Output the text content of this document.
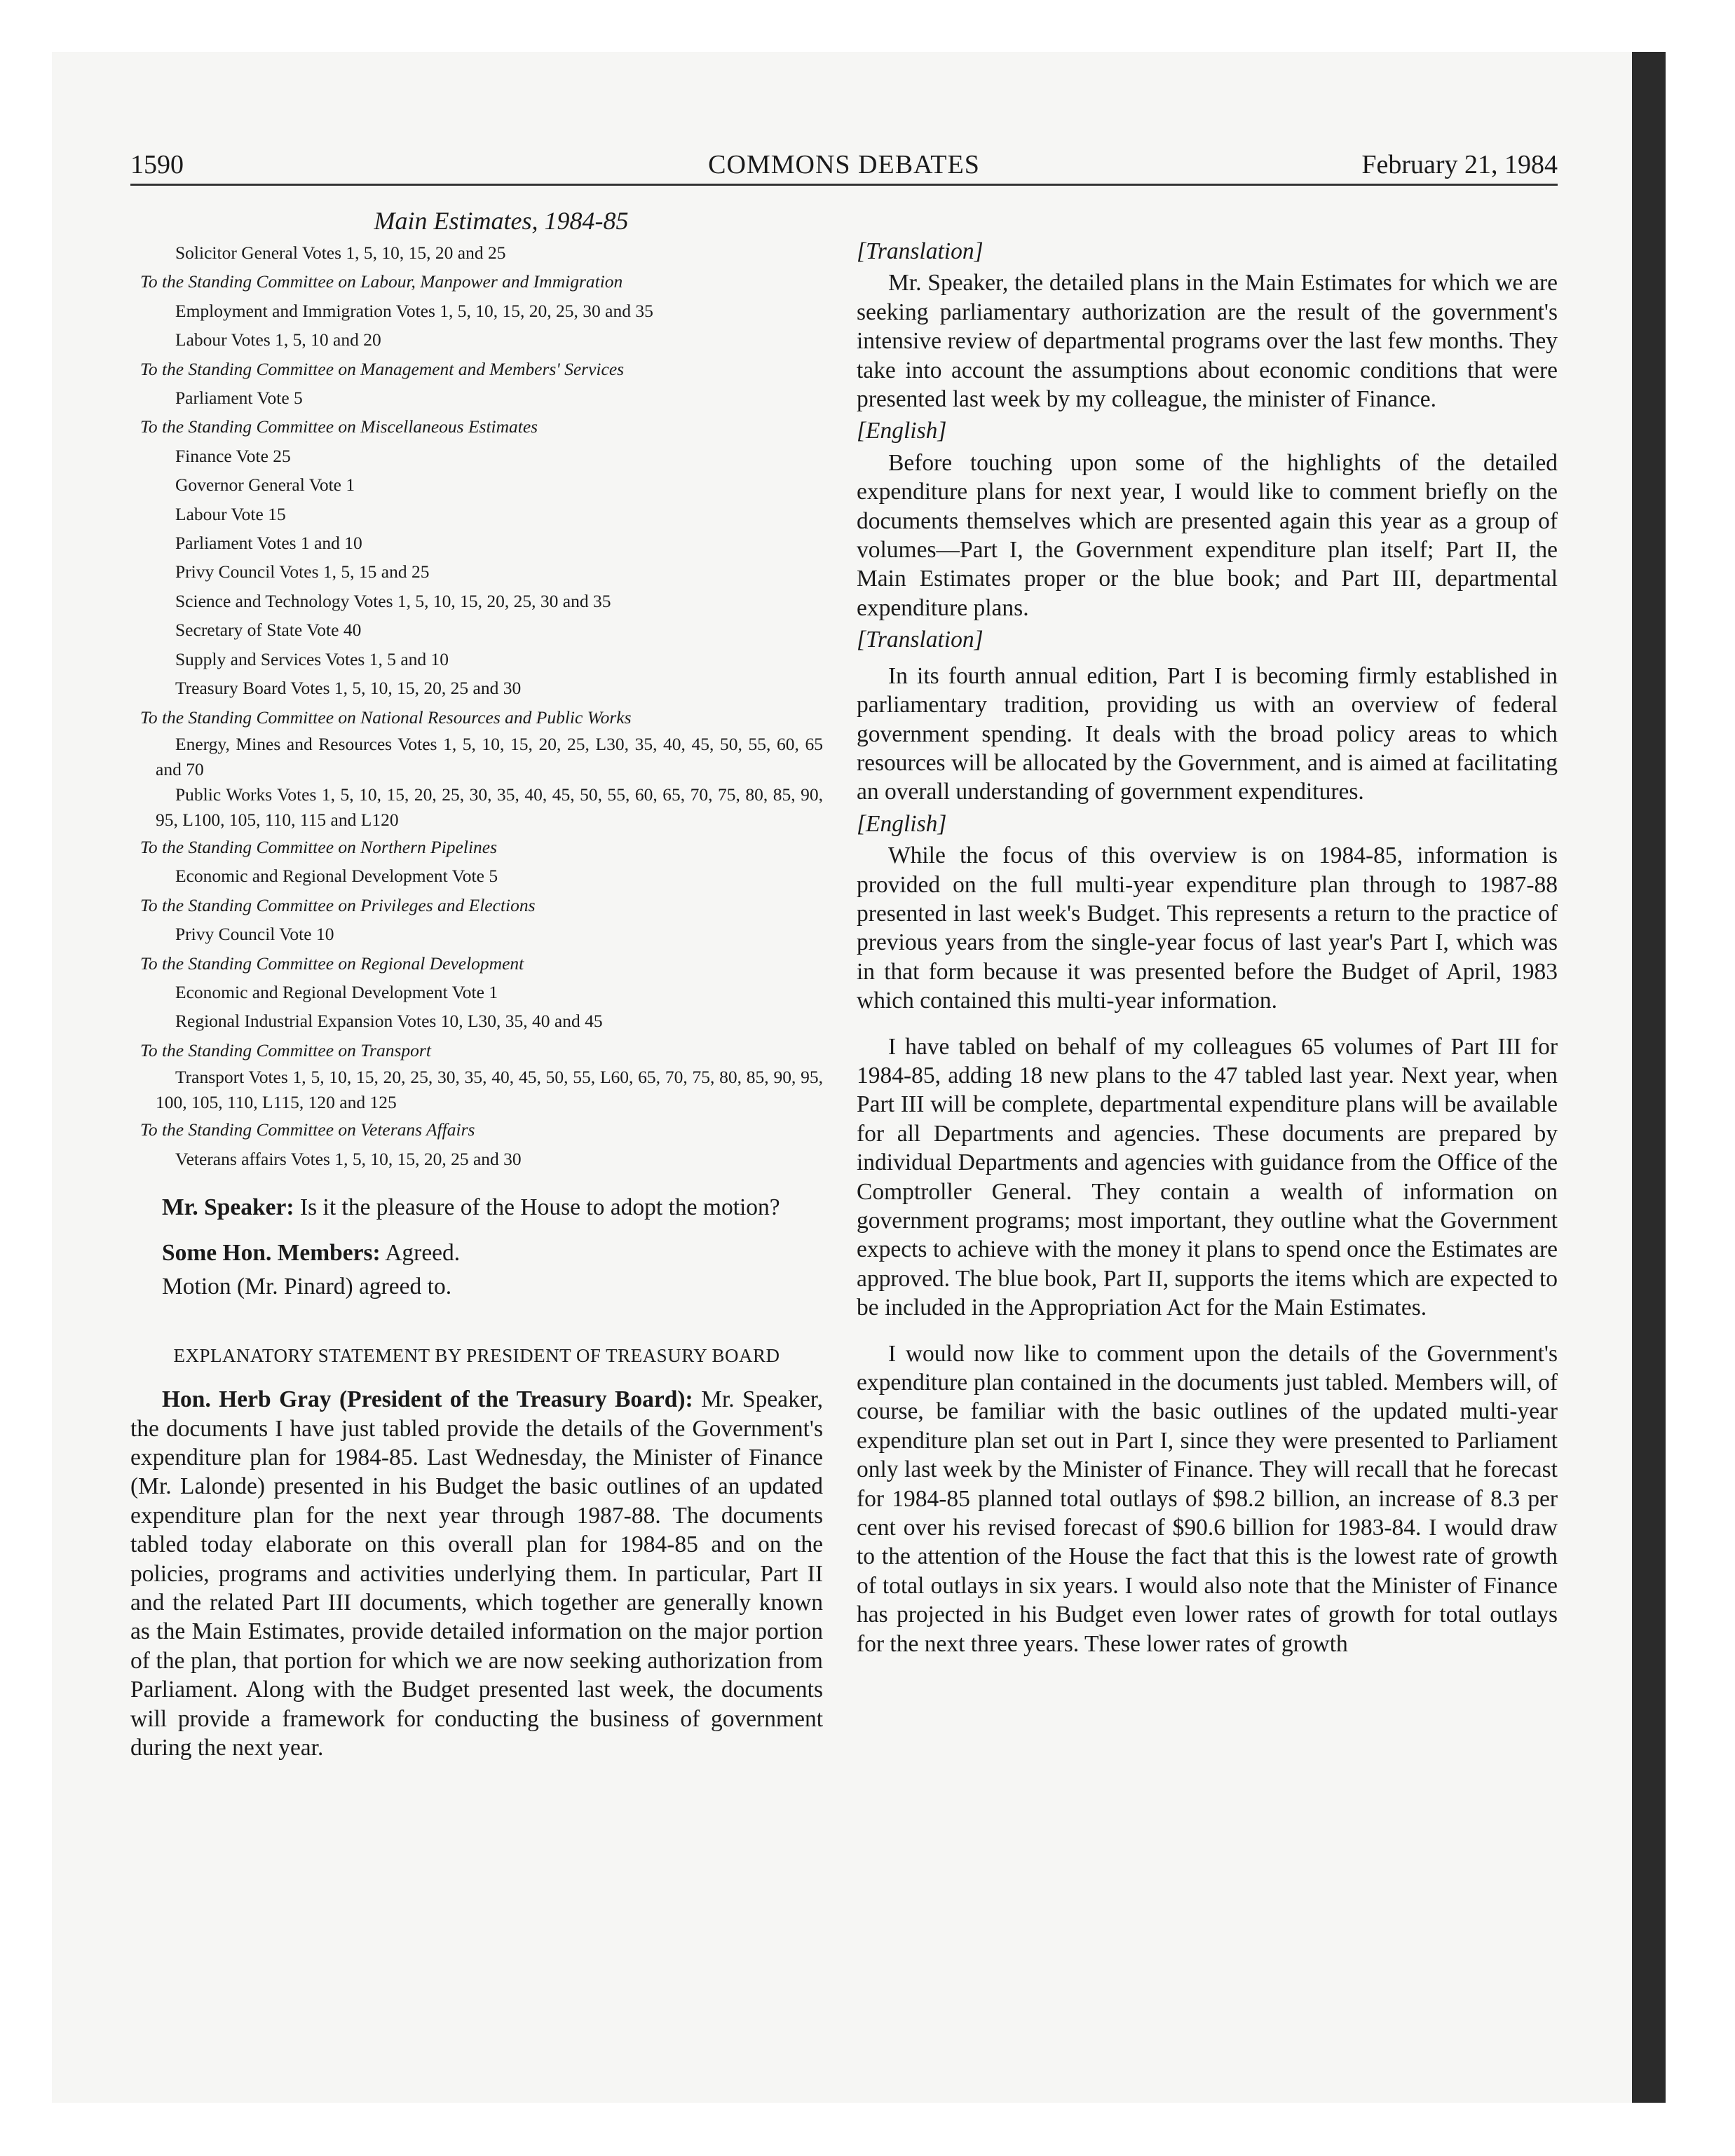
1590	COMMONS DEBATES	February 21, 1984
Main Estimates, 1984-85
Solicitor General Votes 1, 5, 10, 15, 20 and 25
To the Standing Committee on Labour, Manpower and Immigration
Employment and Immigration Votes 1, 5, 10, 15, 20, 25, 30 and 35
Labour Votes 1, 5, 10 and 20
To the Standing Committee on Management and Members' Services
Parliament Vote 5
To the Standing Committee on Miscellaneous Estimates
Finance Vote 25
Governor General Vote 1
Labour Vote 15
Parliament Votes 1 and 10
Privy Council Votes 1, 5, 15 and 25
Science and Technology Votes 1, 5, 10, 15, 20, 25, 30 and 35
Secretary of State Vote 40
Supply and Services Votes 1, 5 and 10
Treasury Board Votes 1, 5, 10, 15, 20, 25 and 30
To the Standing Committee on National Resources and Public Works
Energy, Mines and Resources Votes 1, 5, 10, 15, 20, 25, L30, 35, 40, 45, 50, 55, 60, 65 and 70
Public Works Votes 1, 5, 10, 15, 20, 25, 30, 35, 40, 45, 50, 55, 60, 65, 70, 75, 80, 85, 90, 95, L100, 105, 110, 115 and L120
To the Standing Committee on Northern Pipelines
Economic and Regional Development Vote 5
To the Standing Committee on Privileges and Elections
Privy Council Vote 10
To the Standing Committee on Regional Development
Economic and Regional Development Vote 1
Regional Industrial Expansion Votes 10, L30, 35, 40 and 45
To the Standing Committee on Transport
Transport Votes 1, 5, 10, 15, 20, 25, 30, 35, 40, 45, 50, 55, L60, 65, 70, 75, 80, 85, 90, 95, 100, 105, 110, L115, 120 and 125
To the Standing Committee on Veterans Affairs
Veterans affairs Votes 1, 5, 10, 15, 20, 25 and 30

Mr. Speaker: Is it the pleasure of the House to adopt the motion?

Some Hon. Members: Agreed.

Motion (Mr. Pinard) agreed to.

EXPLANATORY STATEMENT BY PRESIDENT OF TREASURY BOARD

Hon. Herb Gray (President of the Treasury Board): Mr. Speaker, the documents I have just tabled provide the details of the Government's expenditure plan for 1984-85. Last Wednesday, the Minister of Finance (Mr. Lalonde) presented in his Budget the basic outlines of an updated expenditure plan for the next year through 1987-88. The documents tabled today elaborate on this overall plan for 1984-85 and on the policies, programs and activities underlying them. In particular, Part II and the related Part III documents, which together are generally known as the Main Estimates, provide detailed information on the major portion of the plan, that portion for which we are now seeking authorization from Parliament. Along with the Budget presented last week, the documents will provide a framework for conducting the business of government during the next year.

[Translation]

Mr. Speaker, the detailed plans in the Main Estimates for which we are seeking parliamentary authorization are the result of the government's intensive review of departmental programs over the last few months. They take into account the assumptions about economic conditions that were presented last week by my colleague, the minister of Finance.

[English]

Before touching upon some of the highlights of the detailed expenditure plans for next year, I would like to comment briefly on the documents themselves which are presented again this year as a group of volumes—Part I, the Government expenditure plan itself; Part II, the Main Estimates proper or the blue book; and Part III, departmental expenditure plans.

[Translation]

In its fourth annual edition, Part I is becoming firmly established in parliamentary tradition, providing us with an overview of federal government spending. It deals with the broad policy areas to which resources will be allocated by the Government, and is aimed at facilitating an overall understanding of government expenditures.

[English]

While the focus of this overview is on 1984-85, information is provided on the full multi-year expenditure plan through to 1987-88 presented in last week's Budget. This represents a return to the practice of previous years from the single-year focus of last year's Part I, which was in that form because it was presented before the Budget of April, 1983 which contained this multi-year information.

I have tabled on behalf of my colleagues 65 volumes of Part III for 1984-85, adding 18 new plans to the 47 tabled last year. Next year, when Part III will be complete, departmental expenditure plans will be available for all Departments and agencies. These documents are prepared by individual Departments and agencies with guidance from the Office of the Comptroller General. They contain a wealth of information on government programs; most important, they outline what the Government expects to achieve with the money it plans to spend once the Estimates are approved. The blue book, Part II, supports the items which are expected to be included in the Appropriation Act for the Main Estimates.

I would now like to comment upon the details of the Government's expenditure plan contained in the documents just tabled. Members will, of course, be familiar with the basic outlines of the updated multi-year expenditure plan set out in Part I, since they were presented to Parliament only last week by the Minister of Finance. They will recall that he forecast for 1984-85 planned total outlays of $98.2 billion, an increase of 8.3 per cent over his revised forecast of $90.6 billion for 1983-84. I would draw to the attention of the House the fact that this is the lowest rate of growth of total outlays in six years. I would also note that the Minister of Finance has projected in his Budget even lower rates of growth for total outlays for the next three years. These lower rates of growth
